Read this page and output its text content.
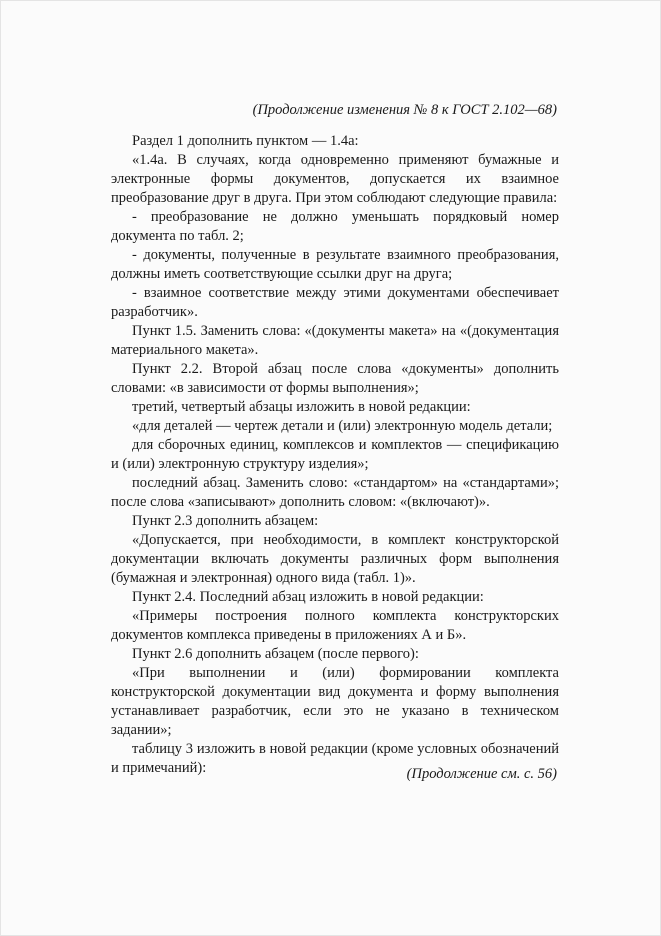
(Продолжение изменения № 8 к ГОСТ 2.102—68)

Раздел 1 дополнить пунктом — 1.4а:

«1.4а. В случаях, когда одновременно применяют бумажные и электронные формы документов, допускается их взаимное преобразование друг в друга. При этом соблюдают следующие правила:

- преобразование не должно уменьшать порядковый номер документа по табл. 2;

- документы, полученные в результате взаимного преобразования, должны иметь соответствующие ссылки друг на друга;

- взаимное соответствие между этими документами обеспечивает разработчик».

Пункт 1.5. Заменить слова: «(документы макета» на «(документация материального макета».

Пункт 2.2. Второй абзац после слова «документы» дополнить словами: «в зависимости от формы выполнения»;

третий, четвертый абзацы изложить в новой редакции:

«для деталей — чертеж детали и (или) электронную модель детали;

для сборочных единиц, комплексов и комплектов — спецификацию и (или) электронную структуру изделия»;

последний абзац. Заменить слово: «стандартом» на «стандартами»; после слова «записывают» дополнить словом: «(включают)».

Пункт 2.3 дополнить абзацем:

«Допускается, при необходимости, в комплект конструкторской документации включать документы различных форм выполнения (бумажная и электронная) одного вида (табл. 1)».

Пункт 2.4. Последний абзац изложить в новой редакции:

«Примеры построения полного комплекта конструкторских документов комплекса приведены в приложениях А и Б».

Пункт 2.6 дополнить абзацем (после первого):

«При выполнении и (или) формировании комплекта конструкторской документации вид документа и форму выполнения устанавливает разработчик, если это не указано в техническом задании»;

таблицу 3 изложить в новой редакции (кроме условных обозначений и примечаний):	(Продолжение см. с. 56)
